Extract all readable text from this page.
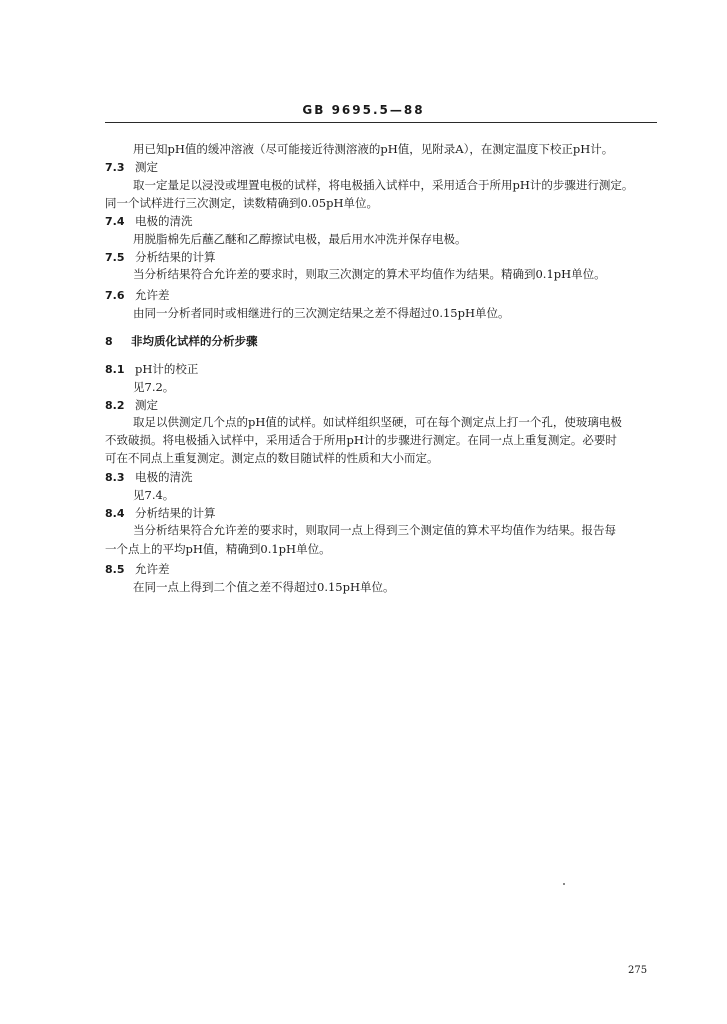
GB 9695.5—88
用已知pH值的缓冲溶液（尽可能接近待测溶液的pH值，见附录A），在测定温度下校正pH计。
7.3 测定
取一定量足以浸没或埋置电极的试样，将电极插入试样中，采用适合于所用pH计的步骤进行测定。
同一个试样进行三次测定，读数精确到0.05pH单位。
7.4 电极的清洗
用脱脂棉先后蘸乙醚和乙醇擦试电极，最后用水冲洗并保存电极。
7.5 分析结果的计算
当分析结果符合允许差的要求时，则取三次测定的算术平均值作为结果。精确到0.1pH单位。
7.6 允许差
由同一分析者同时或相继进行的三次测定结果之差不得超过0.15pH单位。
8 非均质化试样的分析步骤
8.1 pH计的校正
见7.2。
8.2 测定
取足以供测定几个点的pH值的试样。如试样组织坚硬，可在每个测定点上打一个孔，使玻璃电极
不致破损。将电极插入试样中，采用适合于所用pH计的步骤进行测定。在同一点上重复测定。必要时
可在不同点上重复测定。测定点的数目随试样的性质和大小而定。
8.3 电极的清洗
见7.4。
8.4 分析结果的计算
当分析结果符合允许差的要求时，则取同一点上得到三个测定值的算术平均值作为结果。报告每
一个点上的平均pH值，精确到0.1pH单位。
8.5 允许差
在同一点上得到二个值之差不得超过0.15pH单位。
275
